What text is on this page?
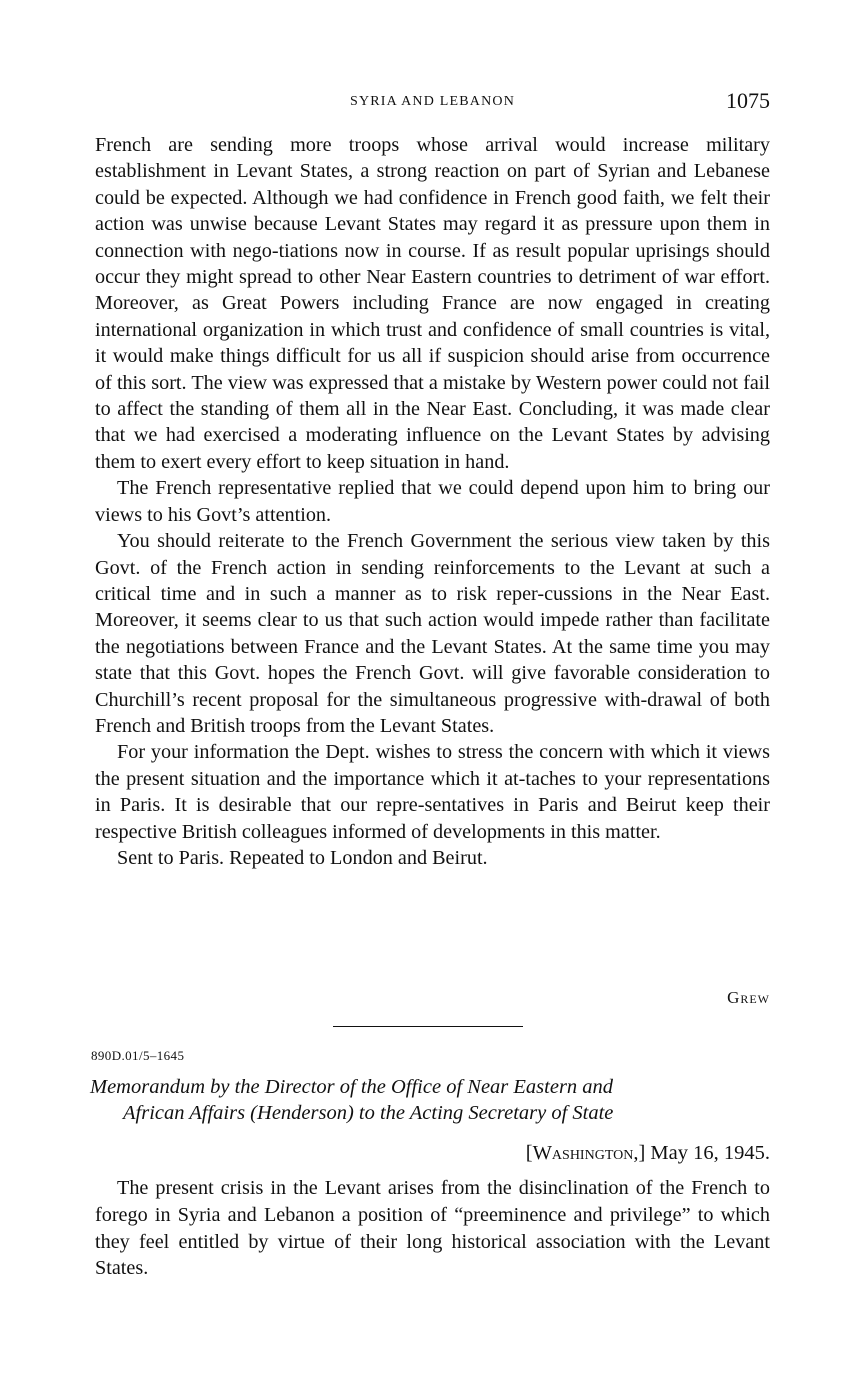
SYRIA AND LEBANON	1075

French are sending more troops whose arrival would increase military establishment in Levant States, a strong reaction on part of Syrian and Lebanese could be expected. Although we had confidence in French good faith, we felt their action was unwise because Levant States may regard it as pressure upon them in connection with nego-tiations now in course. If as result popular uprisings should occur they might spread to other Near Eastern countries to detriment of war effort. Moreover, as Great Powers including France are now engaged in creating international organization in which trust and confidence of small countries is vital, it would make things difficult for us all if suspicion should arise from occurrence of this sort. The view was expressed that a mistake by Western power could not fail to affect the standing of them all in the Near East. Concluding, it was made clear that we had exercised a moderating influence on the Levant States by advising them to exert every effort to keep situation in hand.

The French representative replied that we could depend upon him to bring our views to his Govt’s attention.

You should reiterate to the French Government the serious view taken by this Govt. of the French action in sending reinforcements to the Levant at such a critical time and in such a manner as to risk reper-cussions in the Near East. Moreover, it seems clear to us that such action would impede rather than facilitate the negotiations between France and the Levant States. At the same time you may state that this Govt. hopes the French Govt. will give favorable consideration to Churchill’s recent proposal for the simultaneous progressive with-drawal of both French and British troops from the Levant States.

For your information the Dept. wishes to stress the concern with which it views the present situation and the importance which it at-taches to your representations in Paris. It is desirable that our repre-sentatives in Paris and Beirut keep their respective British colleagues informed of developments in this matter.

Sent to Paris. Repeated to London and Beirut.

Grew
890D.01/5–1645
Memorandum by the Director of the Office of Near Eastern and
African Affairs (Henderson) to the Acting Secretary of State
[Washington,] May 16, 1945.

The present crisis in the Levant arises from the disinclination of the French to forego in Syria and Lebanon a position of “preeminence and privilege” to which they feel entitled by virtue of their long historical association with the Levant States.
